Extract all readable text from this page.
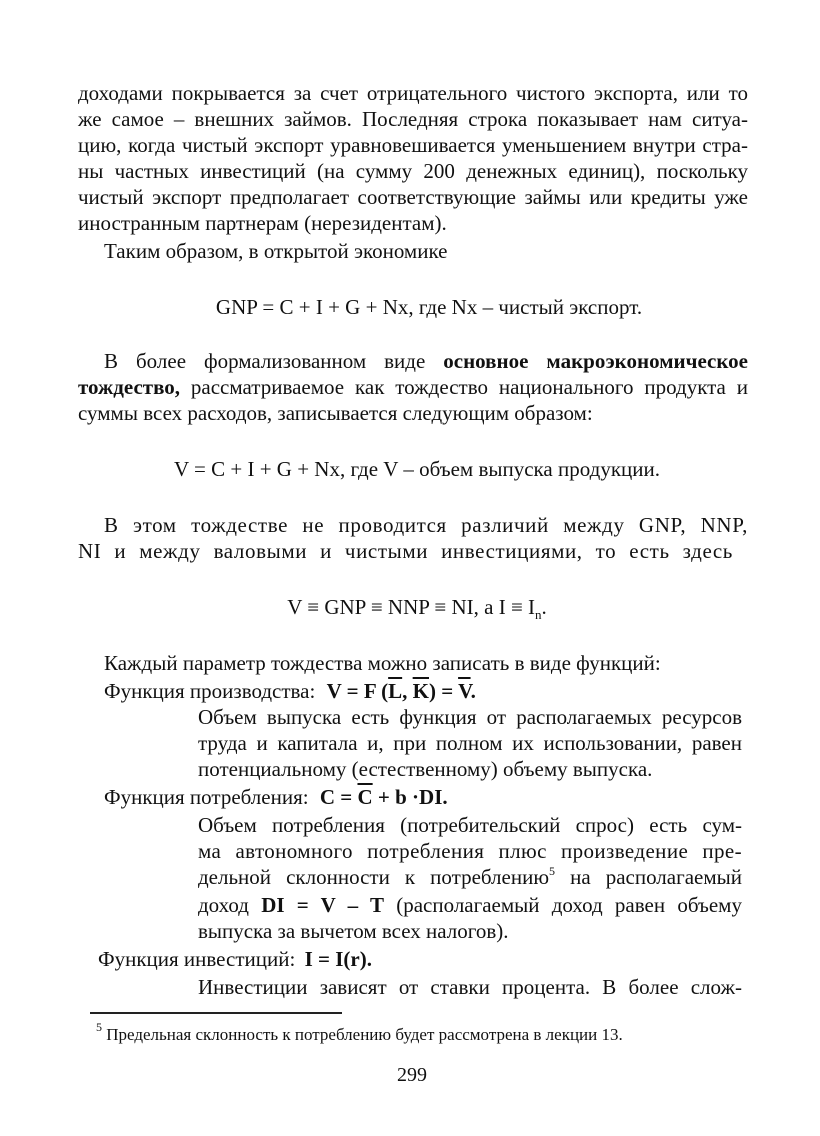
доходами покрывается за счет отрицательного чистого экспорта, или то
же самое – внешних займов. Последняя строка показывает нам ситуа-
цию, когда чистый экспорт уравновешивается уменьшением внутри стра-
ны частных инвестиций (на сумму 200 денежных единиц), поскольку
чистый экспорт предполагает соответствующие займы или кредиты уже
иностранным партнерам (нерезидентам).
Таким образом, в открытой экономике
GNP = C + I + G + Nx, где Nx – чистый экспорт.
В более формализованном виде основное макроэкономическое
тождество, рассматриваемое как тождество национального продукта и
суммы всех расходов, записывается следующим образом:
V = C + I + G + Nx, где V – объем выпуска продукции.
В этом тождестве не проводится различий между GNP, NNP,
NI и между валовыми и чистыми инвестициями, то есть здесь
V ≡ GNP ≡ NNP ≡ NI, а $I \equiv I_n$.
Каждый параметр тождества можно записать в виде функций:
Функция производства: V = F ($\overline{L}$, $\overline{K}) = \overline{V}$.
Объем выпуска есть функция от располагаемых ресурсов
труда и капитала и, при полном их использовании, равен
потенциальному (естественному) объему выпуска.
Функция потребления: $C = \overline{C} + b \cdot DI$.
Объем потребления (потребительский спрос) есть сум-
ма автономного потребления плюс произведение пре-
дельной склонности к потреблению$^5$ на располагаемый
доход DI = V – T (располагаемый доход равен объему
выпуска за вычетом всех налогов).
Функция инвестиций: I = I(r).
Инвестиции зависят от ставки процента. В более слож-
$^5$ Предельная склонность к потреблению будет рассмотрена в лекции 13.
299
